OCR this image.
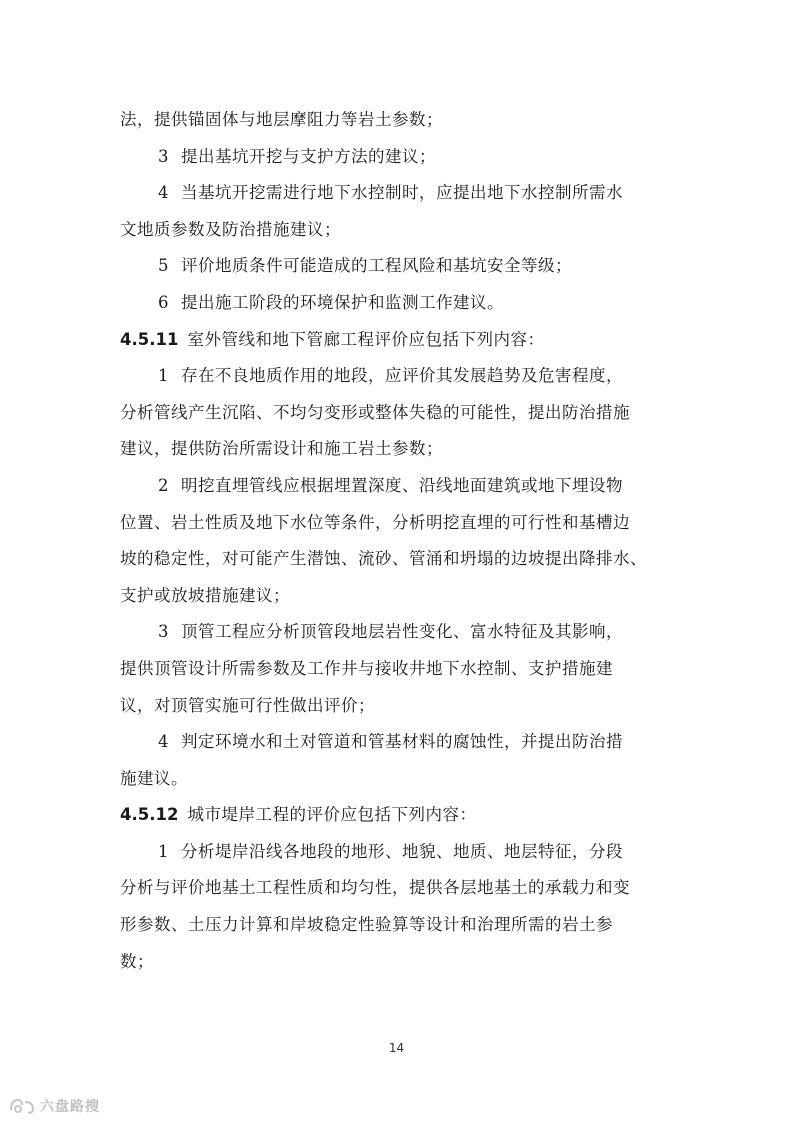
法，提供锚固体与地层摩阻力等岩土参数；
3 提出基坑开挖与支护方法的建议；
4 当基坑开挖需进行地下水控制时，应提出地下水控制所需水
文地质参数及防治措施建议；
5 评价地质条件可能造成的工程风险和基坑安全等级；
6 提出施工阶段的环境保护和监测工作建议。
4.5.11 室外管线和地下管廊工程评价应包括下列内容：
1 存在不良地质作用的地段，应评价其发展趋势及危害程度，
分析管线产生沉陷、不均匀变形或整体失稳的可能性，提出防治措施
建议，提供防治所需设计和施工岩土参数；
2 明挖直埋管线应根据埋置深度、沿线地面建筑或地下埋设物
位置、岩土性质及地下水位等条件，分析明挖直埋的可行性和基槽边
坡的稳定性，对可能产生潜蚀、流砂、管涌和坍塌的边坡提出降排水、
支护或放坡措施建议；
3 顶管工程应分析顶管段地层岩性变化、富水特征及其影响，
提供顶管设计所需参数及工作井与接收井地下水控制、支护措施建
议，对顶管实施可行性做出评价；
4 判定环境水和土对管道和管基材料的腐蚀性，并提出防治措
施建议。
4.5.12 城市堤岸工程的评价应包括下列内容：
1 分析堤岸沿线各地段的地形、地貌、地质、地层特征，分段
分析与评价地基土工程性质和均匀性，提供各层地基土的承载力和变
形参数、土压力计算和岸坡稳定性验算等设计和治理所需的岩土参
数；
14
六盘路搜
